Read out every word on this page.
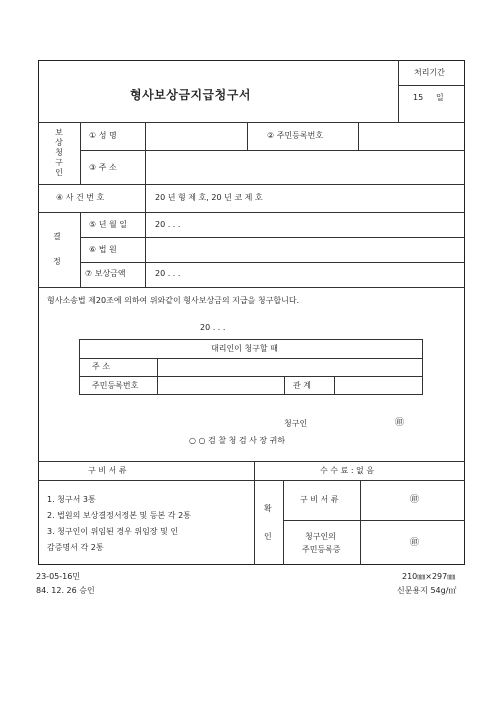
형사보상금지급청구서
처리기간
15 일
보상청구인
① 성 명	② 주민등록번호
③ 주 소
④ 사 건 번 호	20 년 형 제 호, 20 년 코 제 호
결
정
⑤ 년 월 일	20 . . .
⑥ 법 원
⑦ 보상금액	20 . . .
형사소송법 제20조에 의하여 위와같이 형사보상금의 지급을 청구합니다.
20 . . .
대리인이 청구할 때
주 소
주민등록번호	관 계
청구인	㊞
○ ○ 검 찰 청 검 사 장 귀하
구 비 서 류	수 수 료 : 없 음
1. 청구서 3통
2. 법원의 보상결정서정본 및 등본 각 2통
3. 청구인이 위임된 경우 위임장 및 인
감증명서 각 2통
확
인
구 비 서 류	㊞
청구인의
주민등록증
㊞
23-05-16민
84. 12. 26 승인
210㎜×297㎜
신문용지 54g/㎡
